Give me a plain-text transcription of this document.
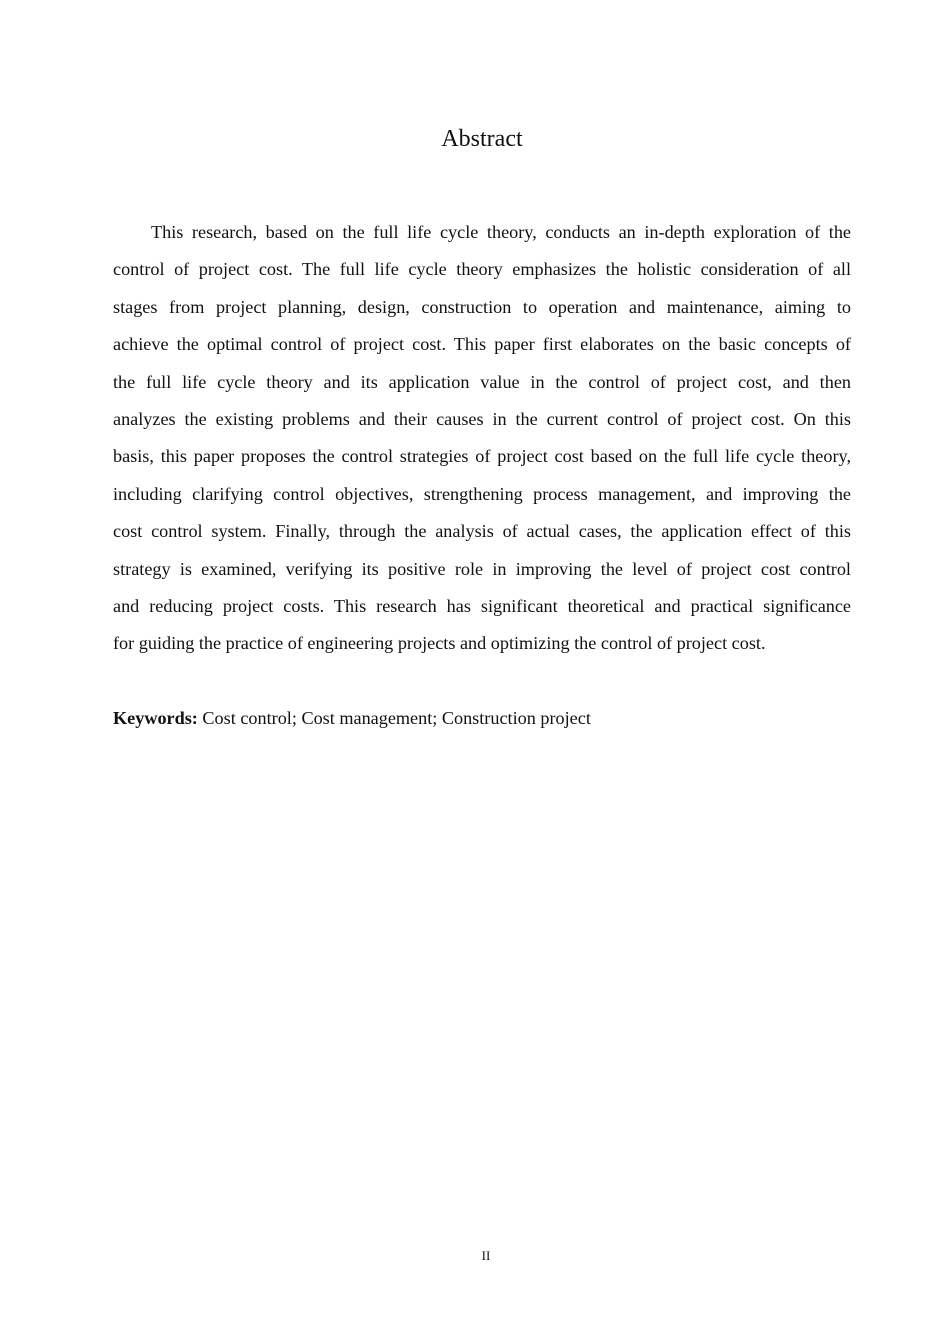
Abstract
This research, based on the full life cycle theory, conducts an in-depth exploration of the
control of project cost. The full life cycle theory emphasizes the holistic consideration of all
stages from project planning, design, construction to operation and maintenance, aiming to
achieve the optimal control of project cost. This paper first elaborates on the basic concepts of
the full life cycle theory and its application value in the control of project cost, and then
analyzes the existing problems and their causes in the current control of project cost. On this
basis, this paper proposes the control strategies of project cost based on the full life cycle theory,
including clarifying control objectives, strengthening process management, and improving the
cost control system. Finally, through the analysis of actual cases, the application effect of this
strategy is examined, verifying its positive role in improving the level of project cost control
and reducing project costs. This research has significant theoretical and practical significance
for guiding the practice of engineering projects and optimizing the control of project cost.
Keywords: Cost control; Cost management; Construction project
II
